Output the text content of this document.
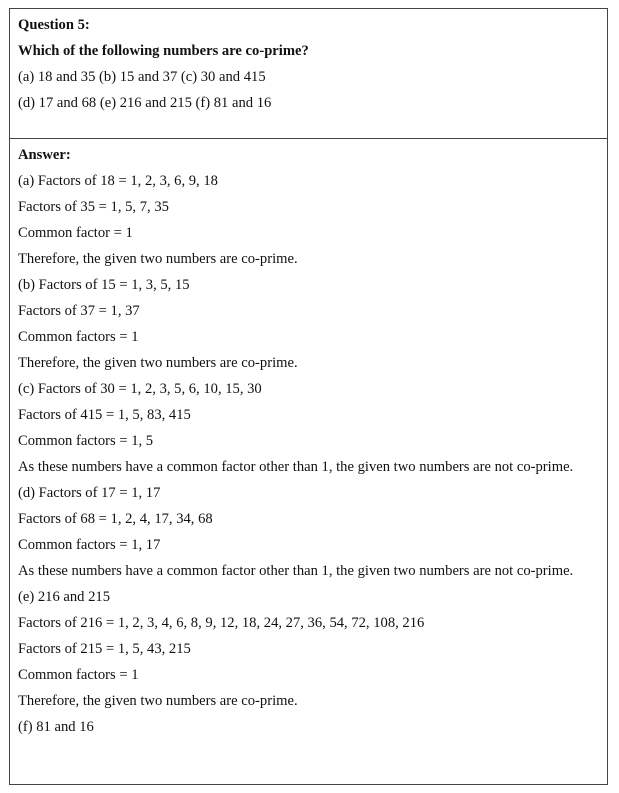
Question 5:
Which of the following numbers are co-prime?
(a) 18 and 35 (b) 15 and 37 (c) 30 and 415
(d) 17 and 68 (e) 216 and 215 (f) 81 and 16
Answer:
(a) Factors of 18 = 1, 2, 3, 6, 9, 18
Factors of 35 = 1, 5, 7, 35
Common factor = 1
Therefore, the given two numbers are co-prime.
(b) Factors of 15 = 1, 3, 5, 15
Factors of 37 = 1, 37
Common factors = 1
Therefore, the given two numbers are co-prime.
(c) Factors of 30 = 1, 2, 3, 5, 6, 10, 15, 30
Factors of 415 = 1, 5, 83, 415
Common factors = 1, 5
As these numbers have a common factor other than 1, the given two numbers are not co-prime.
(d) Factors of 17 = 1, 17
Factors of 68 = 1, 2, 4, 17, 34, 68
Common factors = 1, 17
As these numbers have a common factor other than 1, the given two numbers are not co-prime.
(e) 216 and 215
Factors of 216 = 1, 2, 3, 4, 6, 8, 9, 12, 18, 24, 27, 36, 54, 72, 108, 216
Factors of 215 = 1, 5, 43, 215
Common factors = 1
Therefore, the given two numbers are co-prime.
(f) 81 and 16
